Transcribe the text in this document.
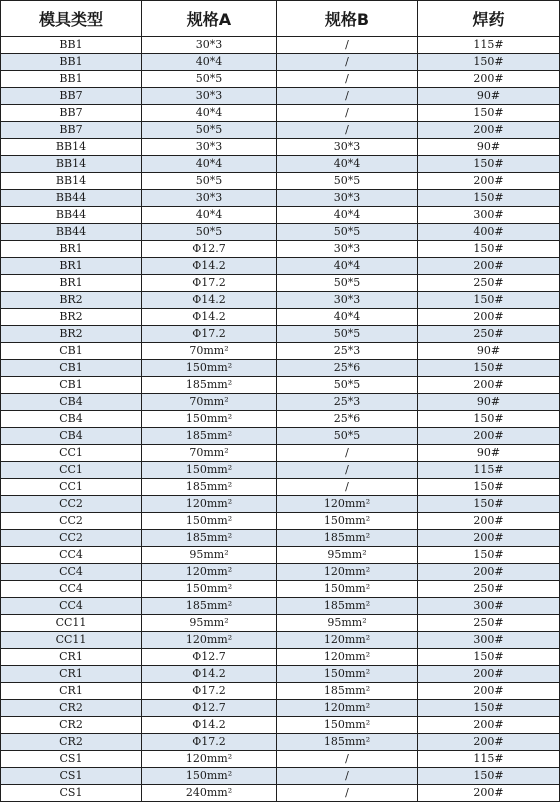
模具类型	规格A	规格B	焊药
BB1	30*3	/	115#
BB1	40*4	/	150#
BB1	50*5	/	200#
BB7	30*3	/	90#
BB7	40*4	/	150#
BB7	50*5	/	200#
BB14	30*3	30*3	90#
BB14	40*4	40*4	150#
BB14	50*5	50*5	200#
BB44	30*3	30*3	150#
BB44	40*4	40*4	300#
BB44	50*5	50*5	400#
BR1	Φ12.7	30*3	150#
BR1	Φ14.2	40*4	200#
BR1	Φ17.2	50*5	250#
BR2	Φ14.2	30*3	150#
BR2	Φ14.2	40*4	200#
BR2	Φ17.2	50*5	250#
CB1	70mm²	25*3	90#
CB1	150mm²	25*6	150#
CB1	185mm²	50*5	200#
CB4	70mm²	25*3	90#
CB4	150mm²	25*6	150#
CB4	185mm²	50*5	200#
CC1	70mm²	/	90#
CC1	150mm²	/	115#
CC1	185mm²	/	150#
CC2	120mm²	120mm²	150#
CC2	150mm²	150mm²	200#
CC2	185mm²	185mm²	200#
CC4	95mm²	95mm²	150#
CC4	120mm²	120mm²	200#
CC4	150mm²	150mm²	250#
CC4	185mm²	185mm²	300#
CC11	95mm²	95mm²	250#
CC11	120mm²	120mm²	300#
CR1	Φ12.7	120mm²	150#
CR1	Φ14.2	150mm²	200#
CR1	Φ17.2	185mm²	200#
CR2	Φ12.7	120mm²	150#
CR2	Φ14.2	150mm²	200#
CR2	Φ17.2	185mm²	200#
CS1	120mm²	/	115#
CS1	150mm²	/	150#
CS1	240mm²	/	200#
